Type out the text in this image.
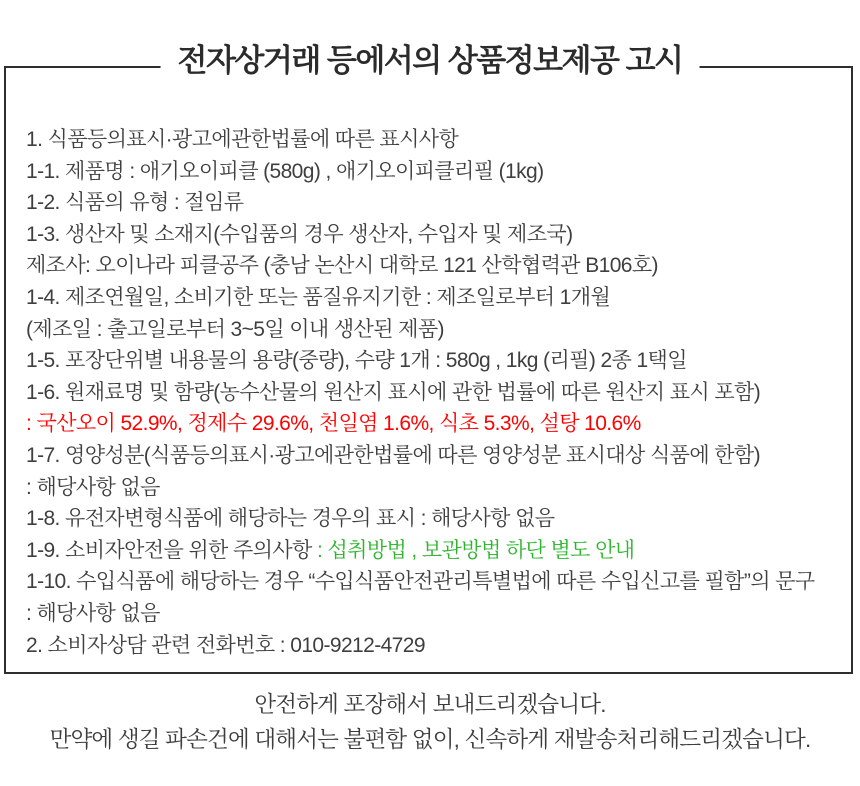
전자상거래 등에서의 상품정보제공 고시

1. 식품등의표시·광고에관한법률에 따른 표시사항

1-1. 제품명 : 애기오이피클 (580g) , 애기오이피클리필 (1kg)

1-2. 식품의 유형 : 절임류

1-3. 생산자 및 소재지(수입품의 경우 생산자, 수입자 및 제조국)

제조사: 오이나라 피클공주 (충남 논산시 대학로 121 산학협력관 B106호)

1-4. 제조연월일, 소비기한 또는 품질유지기한 : 제조일로부터 1개월

(제조일 : 출고일로부터 3~5일 이내 생산된 제품)

1-5. 포장단위별 내용물의 용량(중량), 수량 1개 : 580g , 1kg (리필) 2종 1택일

1-6. 원재료명 및 함량(농수산물의 원산지 표시에 관한 법률에 따른 원산지 표시 포함)

: 국산오이 52.9%, 정제수 29.6%, 천일염 1.6%, 식초 5.3%, 설탕 10.6%

1-7. 영양성분(식품등의표시·광고에관한법률에 따른 영양성분 표시대상 식품에 한함)

: 해당사항 없음

1-8. 유전자변형식품에 해당하는 경우의 표시 : 해당사항 없음

1-9. 소비자안전을 위한 주의사항 : 섭취방법 , 보관방법 하단 별도 안내

1-10. 수입식품에 해당하는 경우 “수입식품안전관리특별법에 따른 수입신고를 필함”의 문구

: 해당사항 없음

2. 소비자상담 관련 전화번호 : 010-9212-4729

안전하게 포장해서 보내드리겠습니다.
만약에 생길 파손건에 대해서는 불편함 없이, 신속하게 재발송처리해드리겠습니다.
